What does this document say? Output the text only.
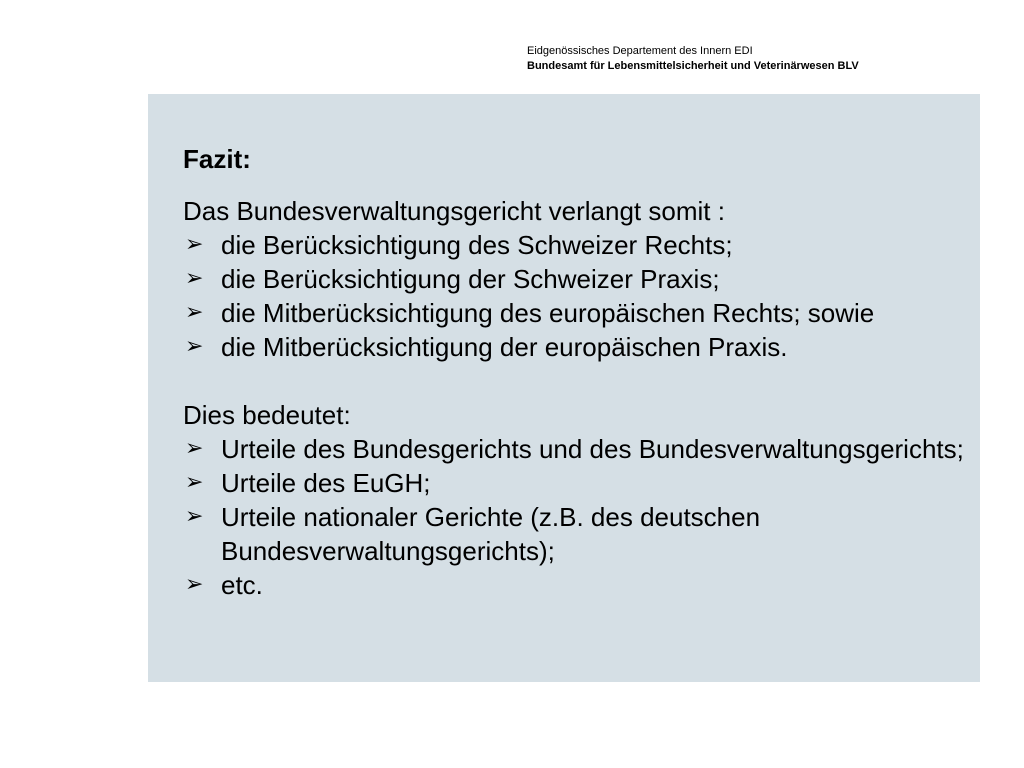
Eidgenössisches Departement des Innern EDI
Bundesamt für Lebensmittelsicherheit und Veterinärwesen BLV
Fazit:
Das Bundesverwaltungsgericht verlangt somit :
➢ die Berücksichtigung des Schweizer Rechts;
➢ die Berücksichtigung der Schweizer Praxis;
➢ die Mitberücksichtigung des europäischen Rechts; sowie
➢ die Mitberücksichtigung der europäischen Praxis.
Dies bedeutet:
➢ Urteile des Bundesgerichts und des Bundesverwaltungsgerichts;
➢ Urteile des EuGH;
➢ Urteile nationaler Gerichte (z.B. des deutschen Bundesverwaltungsgerichts);
➢ etc.
